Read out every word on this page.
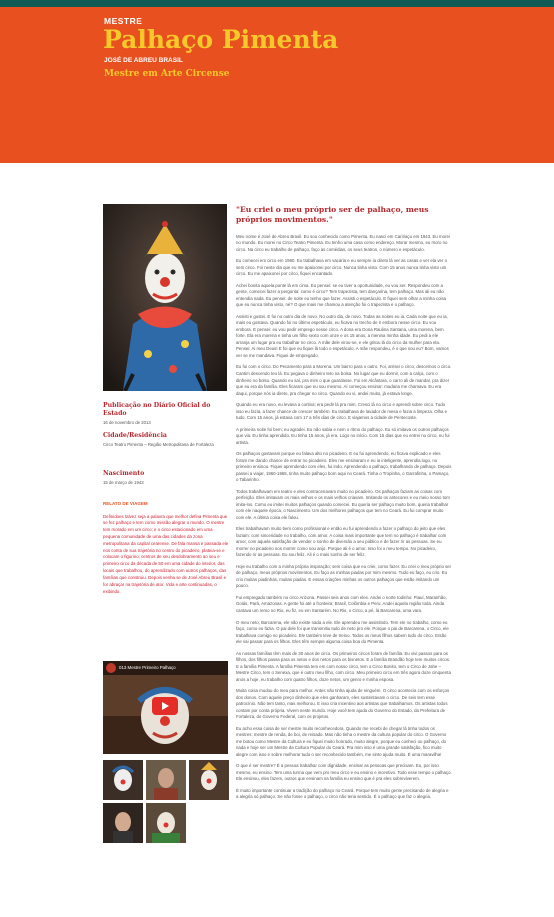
MESTRE
Palhaço Pimenta
JOSÉ DE ABREU BRASIL
Mestre em Arte Circense
Publicação no Diário Oficial do Estado

16 de novembro de 2013

Cidade/Residência

Circo Teatro Pimenta – Região Metropolitana de Fortaleza

Nascimento

15 de março de 1943

RELATO DE VIAGEM

Definidoes talvez seja a palavra que melhor defina Pimenta que se fez palhaço e tem como missão alegrar o mundo. O mestre tem morado em um circo; e o circo estacionado em uma pequena comunidade de uma das cidades da zona metropolitana da capital cearense. De fala mansa e passada ele nos conta de sua trajetória no centro do picadeiro, plateia-se e colocam o figurino; centros de seu desdobramento ao seu e primeiro circo da década de 50 em uma cidade do interior, das locais que trabalhou, do aprendizado com outros palhaços, das famílias que construiu. Depois venha se de José Abreu Brasil e for abraçar na trajetória de ator. Vida e arte continuadas, o exibindo.

013 Mestre Primeiro Palhaço
"Eu criei o meu próprio ser de palhaço, meus próprios movimentos."

Meu nome é José de Abreu Brasil. Eu sou conhecido como Pimenta. Eu nasci em Caririaçu em 1943. Eu morei no mundo. Eu morei no Circo Teatro Pimenta. Eu tenho uma casa como endereço. Morar mesmo, eu moro no circo. Na circo eu trabalho de palhaço, faço as comédias, os seus teatros, o número e espetáculo.

Eu comecei em circo em 1960. Eu trabalhava em vacaria e eu sempre ia direto lá ver as casas e ver ela ver o sem circo. Foi neste dia que eu me apaixonei por circo. Nunca tinha visto. Com 15 anos nunca tinha visto um circo. Eu me apaixonei por circo, fiquei encantado.

Achei bonita aquela ponte lá em cima. Eu pensei: se eu tiver a oportunidade, eu vou ser. Respondeu com a gente, comecei fazer a pergunta: como é circo? Tem trapezista, tem dançarina, tem palhaço. Mas ali eu não entendia nada. Eu pensei: de noite eu tenho que fazer. Assisti o espetáculo. E fiquei sem olhar a minha coisa que eu nunca tinha visto, né? O que mais me chamou a atenção foi o trapezista e o palhaço.

Assisti e gostei. E fui no outro dia de novo. No outro dia, de novo. Todas as noites eu ia. Cada noite que eu ia, mais eu gostava. Quando foi no último espetáculo, eu ficava no trecho de ir embora nesse circo. Eu vou embora. E pensei: eu vou pedir emprego nesse circo. A dona era Dona Raulina Santana, uma morena, bem forte. Ela era morena e tinha um filho sexto com onze e os 15 anos, a menina minha idade. Eu pedi a ele arranja um lugar pra eu trabalhar no circo. A mãe dele virou-se, e ele gritou lá do circo da mulher para ela. Pensei: Ai meu Deus! E foi que eu fiquei lá todo o espetáculo. A mãe respondeu, é o que sou eu? Bom, vamos ver se me mandava. Fiquei de empregado.

Eu fui com o circo. Do Pecamento para a Morena. Um bairro para o outro. Foi, arrisei o circo, descemos o circo. Cantim descendo teu lá. Eu pegava o dinheiro teto na bolsa. No lugar que eu dormir, com a calça, com o dinheiro no bolso. Quando eu saí, pra mim o que guardasse. Foi em Alcântara, o carro ali de mandar, pra dizer que eu era da família. Eles ficaram que eu sou mesmo. Aí começou ensinar: mudaria me chamava. Eu era daqui, porque nós ia direto, pra chegar no circo. Quando eu vi, andei muito, já estava longe.

Quando eu era novo, eu levava a cortina; era pedir lá pra mim. Cresci lá no circo e aprendi sobre circo. Tudo isso eu fazia, a fazer chance de crescer também. Eu trabalhava de lavador de mesa e fazia a limpeza. Olha e tudo. Com 15 anos, já estava com 17 a três dias de circo. E viajamos a cidade de Pentecoste.

A primeira noite foi bem; eu agradei. Eu não sabia e nem o ritmo do palhaço. Eu só imitava os outros palhaços que via. Eu tinha aprendido. Eu tinha 15 anos, já era. Logo no início. Com 15 dias que eu entrei no circo, eu fui artista.

Os palhaços gostavam porque eu falava alto no picadeiro. E eu fui aprendendo, eu ficava explicado e eles foram me dando chance de entrar no picadeiro. Eles me ensinaram e eu ia inteligente, aprendia logo, no primeiro ensinou. Fiquei aprendendo com eles, fui indo. Aprendendo o palhaço, trabalhando de palhaço. Depois passei a viajar, 1960-1965, tinha muito palhaço bom aqui no Ceará. Tinha o Tropinha, o Garrafinha, o Pamaço, o Tabarinho.

Todos trabalhavam em teatro e eles contracenavam muito no picadeiro. Os palhaços faziam as coisas com perfeição. Eles imitavam os mais velhos e os mais velhos criavam. Imitando os antecores e eu meio nosso tom imita-los. Como eu imitei muitos palhaços quando comecei. Eu queria ser palhaço muito bom, queria trabalhar com ele naquele época, o Nascimento. Um dos melhores palhaços que tem no Ceará. Eu fui comprar muito com ele. A última coisa ele falou.

Eles trabalhavam muito bem como profissional e então eu fui aprendendo a fazer o palhaço do jeito que eles faziam: com sinceridade no trabalho, com amor. A coisa mais importante que tem no palhaço é trabalhar com amor, com aquela satisfação de vender o sonho de diversão a seu público e de fazer rir as pessoas. Se eu morrer no picadeiro nos morrer como sou anjo. Porque ali é o amor. Isso foi o meu tempo. No picadeiro, fazendo rir as pessoas. Eu sou feliz. Ali é o mais sonho de ser feliz.

Hoje eu trabalho com a minha própria inspiração; sem coisa que eu criei, como fazer. Eu criei o meu próprio ser de palhaço, meus próprios movimentos. Eu faço as minhas piadas por mim mesmo. Tudo eu faço, eu crio. Eu crio muitas piadinhas, muitas piadas. E essas criações minhas os outros palhaços que estão imitando um pouco.

Fui empregado também no circo Arizona. Passei seis anos com eles. Andei o norte todinho: Piauí, Maranhão, Goiás, Pará, Amazonas. A gente foi até a fronteira: Brasil, Colômbia e Peru. Andei aquela região toda. Ainda cantava um remo no Rio, eu fiz, eu em Santarém. No Rio, o Circo, a pé, lá Barcarena, uma vara.

O meu neto, Barcarena, ele não existe nada a ele. Ele aprendeu me assistindo. Tem ele no trabalho, como eu faço, como eu fazia. O pai dele foi que transmitiu tudo de neto pro ele. Porque o pai de Barcarena, o Circo, ele trabalhava comigo no picadeiro. Ele também teve de treino. Todos os meus filhos sabem tudo do circo. Então ele vai passar para os filhos. Eles têm sempre alguma coisa boa do Pimenta.

As nossas famílias têm mais de 30 anos de circo. Os primeiros circos foram de família. Eu vivi passos para os filhos, dos filhos passa para os netos e dos netos para os bisnetos. E a família Brandão hoje tem muitos circos. E a família Pimenta. A família Pimenta tem em com nosso circo, tem o Circo Bonito, tem o Circo de Jahe – Mestre Circo, tem o Senexa, que é outro meu filho, com circo. Meu primeiro circo em três agora doze cinquenta anos a hoje, eu trabalho com quatro filhos, doze netos, um genro e minha esposa.

Muita coisa mudou do meu para melhor. Antes não tinha ajuda de ninguém. O circo acontecia com os esforços dos donos. Com aquele preço dinheiro que eles ganharam, eles sustentavam o circo. De seis tem esse patrocínio. Não tem tanto, mas melhorou. E isso cria incentivo aos artistas que trabalhamos. Os artistas todos contam por conta própria. Vivem neste mundo. Hoje você tem ajuda do Governo do Estado, da Prefeitura de Fortaleza, do Governo Federal, com os projetos.

Eu acho essa coisa de ser mestre muito reconhecedora. Quando me recebi de chegar lá tinha todos os mestres: mestre de renda, de boi, de reisado. Mas não tinha o mestre da cultura popular do circo. O Governo me botou como Mestre da Cultura e eu fiquei muito honrado, muito alegre, porque eu conheci ou palhaço, do nada e hoje ser um Mestre da Cultura Popular do Ceará. Pra mim isso é uma grande satisfação, fico muito alegre com isso e sobre melhorar tudo o ser reconhecido também, me sinto ajuda muito. É uma maravilha!

O que é ser mestre? É a pessoa trabalhar com dignidade, ensinar as pessoas que precisam. Eu, por isso mesmo, eu ensino. Tem uma turma que vem pro meu circo e eu ensino e incentivo. Todo esse tempo o palhaço. Ele ensinou, eles fazem, outros que ensinam na família eu ensino que é pra eles sobreviverem.

É muito importante continuar a tradição do palhaço no Ceará. Porque tem muito gente precisando de alegria e a alegria só palhaço. Se não fosse o palhaço, o circo não teria sentido. É o palhaço que faz o alegria.
